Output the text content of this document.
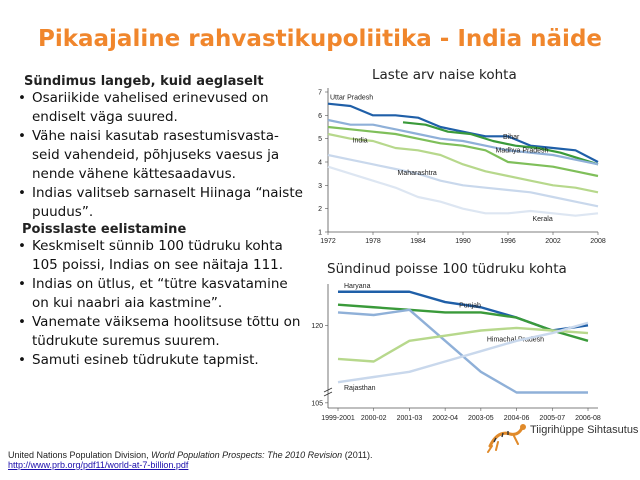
Pikaajaline rahvastikupoliitika - India näide
Sündimus langeb, kuid aeglaselt
• Osariikide vahelised erinevused on endiselt väga suured.
• Vähe naisi kasutab rasestumisvasta-seid vahendeid, põhjuseks vaesus ja nende vähene kättesaadavus.
• Indias valitseb sarnaselt Hiinaga “naiste puudus”.
Poisslaste eelistamine
• Keskmiselt sünnib 100 tüdruku kohta 105 poissi, Indias on see näitaja 111.
• Indias on ütlus, et “tütre kasvatamine on kui naabri aia kastmine”.
• Vanemate väiksema hoolitsuse tõttu on tüdrukute suremus suurem.
• Samuti esineb tüdrukute tapmist.
Laste arv naise kohta
1
2
3
4
5
6
7
1972	1978	1984	1990	1996	2002	2008
Uttar Pradesh
Bihar
Madhya Pradesh
India
Maharashtra
Kerala
Sündinud poisse 100 tüdruku kohta
105
120
1999-2001 2000-02 2001-03 2002-04 2003-05 2004-06 2005-07 2006-08
Haryana
Punjab
Himachal Pradesh
Rajasthan
United Nations Population Division, World Population Prospects: The 2010 Revision (2011).
http://www.prb.org/pdf11/world-at-7-billion.pdf
Tiigrihüppe Sihtasutus
